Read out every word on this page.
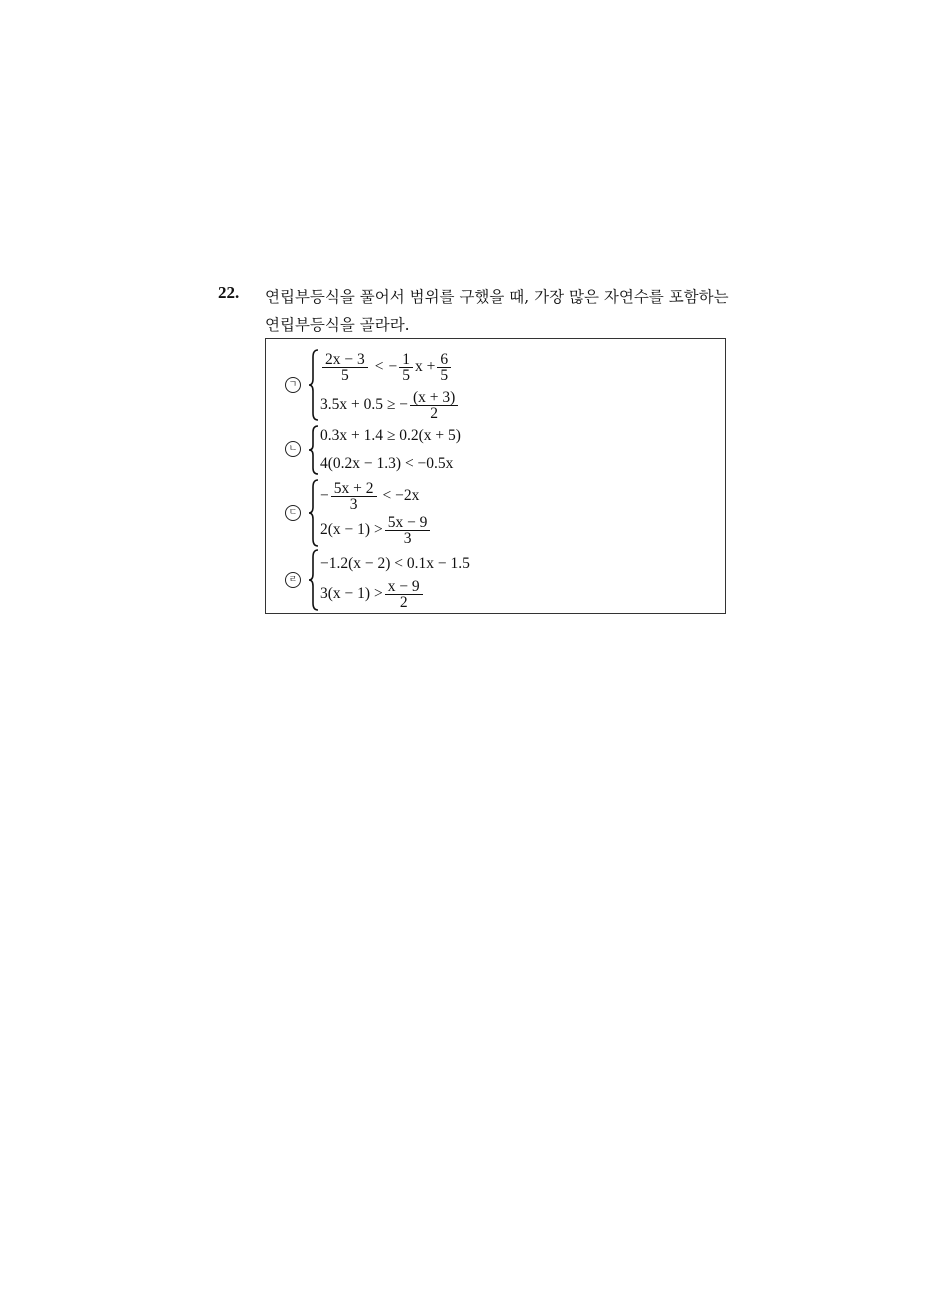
22. 연립부등식을 풀어서 범위를 구했을 때, 가장 많은 자연수를 포함하는 연립부등식을 골라라.
ㄱ
$\frac{2x - 3}{5}$ < − $\frac{1}{5}$ $x + \frac{6}{5}$
3.5x + 0.5 ≥ − $\frac{(x + 3)}{2}$
ㄴ
0.3x + 1.4 ≥ 0.2(x + 5)
4(0.2x − 1.3) < −0.5x
ㄷ
− $\frac{5x + 2}{3} < -2x$
$2(x - 1) > \frac{5x - 9}{3}$
ㄹ
−1.2(x − 2) < 0.1x − 1.5
$3(x - 1) > \frac{x - 9}{2}$
